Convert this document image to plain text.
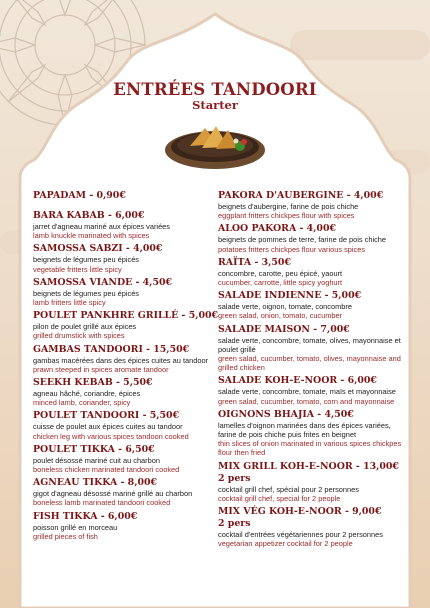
ENTRÉES TANDOORI
Starter
PAPADAM - 0,90€
BARA KABAB - 6,00€
jarret d'agneau mariné aux épices variées
lamb knuckle marinated with spices
SAMOSSA SABZI - 4,00€
beignets de légumes peu épicés
vegetable fritters little spicy
SAMOSSA VIANDE - 4,50€
beignets de légumes peu épicés
lamb fritters little spicy
POULET PANKHRE GRILLÉ - 5,00€
pilon de poulet grillé aux épices
grilled drumstick with spices
GAMBAS TANDOORI - 15,50€
gambas macérées dans des épices cuites au tandoor
prawn steeped in spices aromate tandoor
SEEKH KEBAB - 5,50€
agneau hâché, coriandre, épices
minced lamb, coriander, spicy
POULET TANDOORI - 5,50€
cuisse de poulet aux épices cuites au tandoor
chicken leg with various spices tandoori cooked
POULET TIKKA - 6,50€
poulet désossé mariné cuit au charbon
boneless chicken marinated tandoori cooked
AGNEAU TIKKA - 8,00€
gigot d'agneau désossé mariné grillé au charbon
boneless lamb marinated tandoori cooked
FISH TIKKA - 6,00€
poisson grillé en morceau
grilled pieces of fish
PAKORA D'AUBERGINE - 4,00€
beignets d'aubergine, farine de pois chiche
eggplant fritters chickpes flour with spices
ALOO PAKORA - 4,00€
beignets de pommes de terre, farine de pois chiche
potatoes fritters chickpes flour various spices
RAÏTA - 3,50€
concombre, carotte, peu épicé, yaourt
cucumber, carrotte, little spicy yoghurt
SALADE INDIENNE - 5,00€
salade verte, oignon, tomate, concombre
green salad, onion, tomato, cucumber
SALADE MAISON - 7,00€
salade verte, concombre, tomate, olives, mayonnaise et poulet grillé
green salad, cucumber, tomato, olives, mayonnaise and grilled chicken
SALADE KOH-E-NOOR - 6,00€
salade verte, concombre, tomate, maïs et mayonnaise
green salad, cucumber, tomato, corn and mayonnaise
OIGNONS BHAJIA - 4,50€
lamelles d'oignon marinées dans des épices variées, farine de pois chiche puis frites en beignet
thin slices of onion marinated in various spices chickpes flour then fried
MIX GRILL KOH-E-NOOR - 13,00€
2 pers
cocktail grill chef, spécial pour 2 personnes
cocktail grill chef, special for 2 people
MIX VÉG KOH-E-NOOR - 9,00€
2 pers
cocktail d'entrées végétariennes pour 2 personnes
vegetarian appetizer cocktail for 2 people
